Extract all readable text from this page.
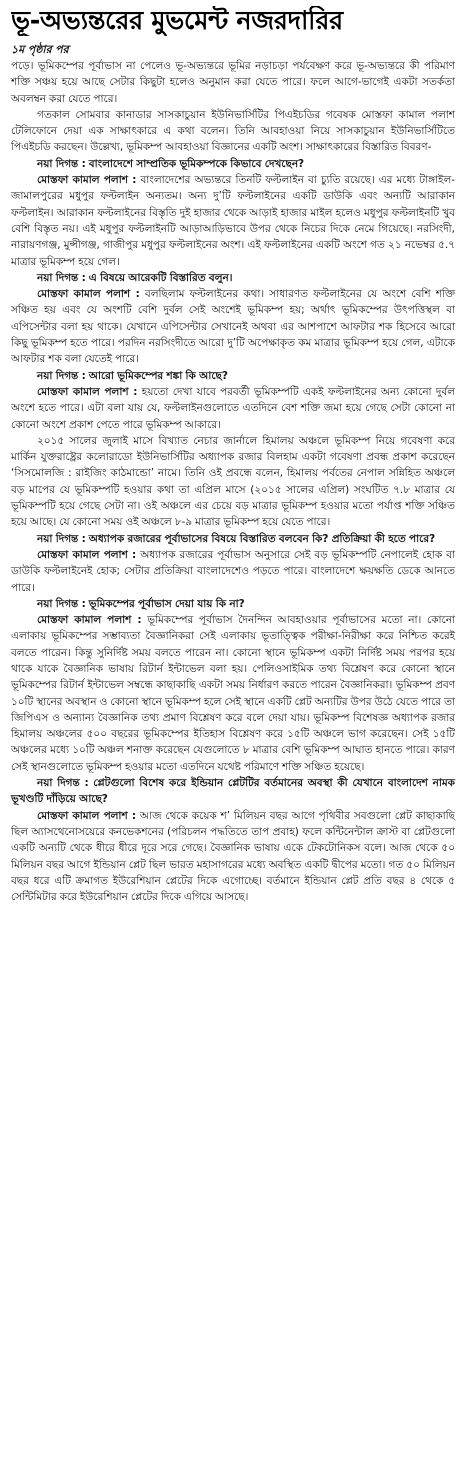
ভূ-অভ্যন্তরের মুভমেন্ট নজরদারির

১ম পৃষ্ঠার পর

পড়ে। ভূমিকম্পের পূর্বাভাস না পেলেও ভূ-অভ্যন্তরে ভূমির নড়াচড়া পর্যবেক্ষণ করে ভূ-অভ্যন্তরে কী পরিমাণ শক্তি সঞ্চয় হয়ে আছে সেটার কিছুটা হলেও অনুমান করা যেতে পারে। ফলে আগে-ভাগেই একটা সতর্কতা অবলম্বন করা যেতে পারে।

গতকাল সোমবার কানাডার সাসকাচুয়ান ইউনিভার্সিটির পিএইচডির গবেষক মোস্তফা কামাল পলাশ টেলিফোনে দেয়া এক সাক্ষাৎকারে এ কথা বলেন। তিনি আবহাওয়া নিয়ে সাসকাচুয়ান ইউনিভার্সিটিতে পিএইচডি করছেন। উল্লেখ্য, ভূমিকম্প আবহাওয়া বিজ্ঞানের একটি অংশ। সাক্ষাৎকারের বিস্তারিত বিবরণ-

নয়া দিগন্ত : বাংলাদেশে সাম্প্রতিক ভূমিকম্পকে কিভাবে দেখছেন?

মোস্তফা কামাল পলাশ : বাংলাদেশের অভ্যন্তরে তিনটি ফল্টলাইন বা চ্যুতি রয়েছে। এর মধ্যে টাঙ্গাইল-জামালপুরের মধুপুর ফল্টলাইন অন্যতম। অন্য দু’টি ফল্টলাইনের একটি ডাউকি এবং অন্যটি আরাকান ফল্টলাইন। আরাকান ফল্টলাইনের বিস্তৃতি দুই হাজার থেকে আড়াই হাজার মাইল হলেও মধুপুর ফল্টলাইনটি খুব বেশি বিস্তৃত নয়। এই মধুপুর ফল্টলাইনটি আড়াআড়িভাবে উপর থেকে নিচের দিকে নেমে গিয়েছে। নরসিংদী, নারায়ণগঞ্জ, মুন্সীগঞ্জ, গাজীপুর মধুপুর ফল্টলাইনের অংশ। এই ফল্টলাইনের একটি অংশে গত ২১ নভেম্বর ৫.৭ মাত্রার ভূমিকম্প হয়ে গেল।

নয়া দিগন্ত : এ বিষয়ে আরেকটি বিস্তারিত বলুন।

মোস্তফা কামাল পলাশ : বলছিলাম ফল্টলাইনের কথা। সাধারণত ফল্টলাইনের যে অংশে বেশি শক্তি সঞ্চিত হয় এবং যে অংশটি বেশি দুর্বল সেই অংশেই ভূমিকম্প হয়; অর্থাৎ ভূমিকম্পের উৎপত্তিস্থল বা এপিসেন্টার বলা হয় থাকে। যেখানে এপিসেন্টার সেখানেই অথবা এর আশপাশে আফটার শক হিসেবে আরো কিছু ভূমিকম্প হতে পারে। পরদিন নরসিংদীতে আরো দু’টি অপেক্ষাকৃত কম মাত্রার ভূমিকম্প হয়ে গেল, এটাকে আফটার শক বলা যেতেই পারে।

নয়া দিগন্ত : আরো ভূমিকম্পের শঙ্কা কি আছে?

মোস্তফা কামাল পলাশ : হয়তো দেখা যাবে পরবর্তী ভূমিকম্পটি একই ফল্টলাইনের অন্য কোনো দুর্বল অংশে হতে পারে। এটা বলা যায় যে, ফল্টলাইনগুলোতে এতদিনে বেশ শক্তি জমা হয়ে গেছে সেটা কোনো না কোনো অংশে প্রকাশ পেতে পারে ভূমিকম্প আকারে।

২০১৫ সালের জুলাই মাসে বিখ্যাত নেচার জার্নালে হিমালয় অঞ্চলে ভূমিকম্প নিয়ে গবেষণা করে মার্কিন যুক্তরাষ্ট্রের কলোরাডো ইউনিভার্সিটির অধ্যাপক রজার বিলহাম একটা গবেষণা প্রবন্ধ প্রকাশ করেছেন ‘সিসমোলজি : রাইজিং কাঠমান্ডো’ নামে। তিনি ওই প্রবন্ধে বলেন, হিমালয় পর্বতের নেপাল সন্নিহিত অঞ্চলে বড় মাপের যে ভূমিকম্পটি হওয়ার কথা তা এপ্রিল মাসে (২০১৫ সালের এপ্রিল) সংঘটিত ৭.৮ মাত্রার যে ভূমিকম্পটি হয়ে গেছে সেটা না। ওই অঞ্চলে এর চেয়ে বড় মাত্রার ভূমিকম্প হওয়ার মতো পর্যাপ্ত শক্তি সঞ্চিত হয়ে আছে। যে কোনো সময় ওই অঞ্চলে ৮-৯ মাত্রার ভূমিকম্প হয়ে যেতে পারে।

নয়া দিগন্ত : অধ্যাপক রজারের পূর্বাভাসের বিষয়ে বিস্তারিত বলবেন কি? প্রতিক্রিয়া কী হতে পারে?

মোস্তফা কামাল পলাশ : অধ্যাপক রজারের পূর্বাভাস অনুসারে সেই বড় ভূমিকম্পটি নেপালেই হোক বা ডাউকি ফল্টলাইনেই হোক; সেটার প্রতিক্রিয়া বাংলাদেশেও পড়তে পারে। বাংলাদেশে ক্ষয়ক্ষতি ডেকে আনতে পারে।

নয়া দিগন্ত : ভূমিকম্পের পূর্বাভাস দেয়া যায় কি না?

মোস্তফা কামাল পলাশ : ভূমিকম্পের পূর্বাভাস দৈনন্দিন আবহাওয়ার পূর্বাভাসের মতো না। কোনো এলাকায় ভূমিকম্পের সম্ভাব্যতা বৈজ্ঞানিকরা সেই এলাকায় ভূতাত্ত্বিক পরীক্ষা-নিরীক্ষা করে নিশ্চিত করেই বলতে পারেন। কিন্তু সুনির্দিষ্ট সময় বলতে পারেন না। কোনো স্থানে ভূমিকম্প একটা নির্দিষ্ট সময় পরপর হয়ে থাকে যাকে বৈজ্ঞানিক ভাষায় রিটার্ন ইন্টাভেল বলা হয়। পেলিওসাইমিক তথ্য বিশ্লেষণ করে কোনো স্থানে ভূমিকম্পের রিটার্ন ইন্টাভেল সম্বন্ধে কাছাকাছি একটা সময় নির্ধারণ করতে পারেন বৈজ্ঞানিকরা। ভূমিকম্প প্রবণ ১০টি স্থানের অবস্থান ও কোনো স্থানে ভূমিকম্প হলে সেই স্থানে একটি প্লেট অন্যটির উপর উঠে যেতে পারে তা জিপিএস ও অন্যান্য বৈজ্ঞানিক তথ্য প্রমাণ বিশ্লেষণ করে বলে দেয়া যায়। ভূমিকম্প বিশেষজ্ঞ অধ্যাপক রজার হিমালয় অঞ্চলের ৫০০ বছরের ভূমিকম্পের ইতিহাস বিশ্লেষণ করে ১৫টি অঞ্চলে ভাগ করেছেন। সেই ১৫টি অঞ্চলের মধ্যে ১০টি অঞ্চল শনাক্ত করেছেন যেগুলোতে ৮ মাত্রার বেশি ভূমিকম্প আঘাত হানতে পারে। কারণ সেই স্থানগুলোতে ভূমিকম্প হওয়ার মতো এতদিনে যথেষ্ট পরিমাণে শক্তি সঞ্চিত হয়েছে।

নয়া দিগন্ত : প্লেটগুলো বিশেষ করে ইন্ডিয়ান প্লেটটির বর্তমানের অবস্থা কী যেখানে বাংলাদেশ নামক ভূখণ্ডটি দাঁড়িয়ে আছে?

মোস্তফা কামাল পলাশ : আজ থেকে কয়েক শ’ মিলিয়ন বছর আগে পৃথিবীর সবগুলো প্লেট কাছাকাছি ছিল অ্যাসথেনোসয়েরে কনভেকশনের (পরিচলন পদ্ধতিতে তাপ প্রবাহ) ফলে কন্টিনেন্টাল ক্রাস্ট বা প্লেটগুলো একটি অন্যটি থেকে ধীরে ধীরে দূরে সরে গেছে। বৈজ্ঞানিক ভাষায় একে টেকটোনিকস বলে। আজ থেকে ৫০ মিলিয়ন বছর আগে ইন্ডিয়ান প্লেট ছিল ভারত মহাসাগরের মধ্যে অবস্থিত একটি দ্বীপের মতো। গত ৫০ মিলিয়ন বছর ধরে এটি ক্রমাগত ইউরেশিয়ান প্লেটের দিকে এগোচ্ছে। বর্তমানে ইন্ডিয়ান প্লেট প্রতি বছর ৪ থেকে ৫ সেন্টিমিটার করে ইউরেশিয়ান প্লেটের দিকে এগিয়ে আসছে।
